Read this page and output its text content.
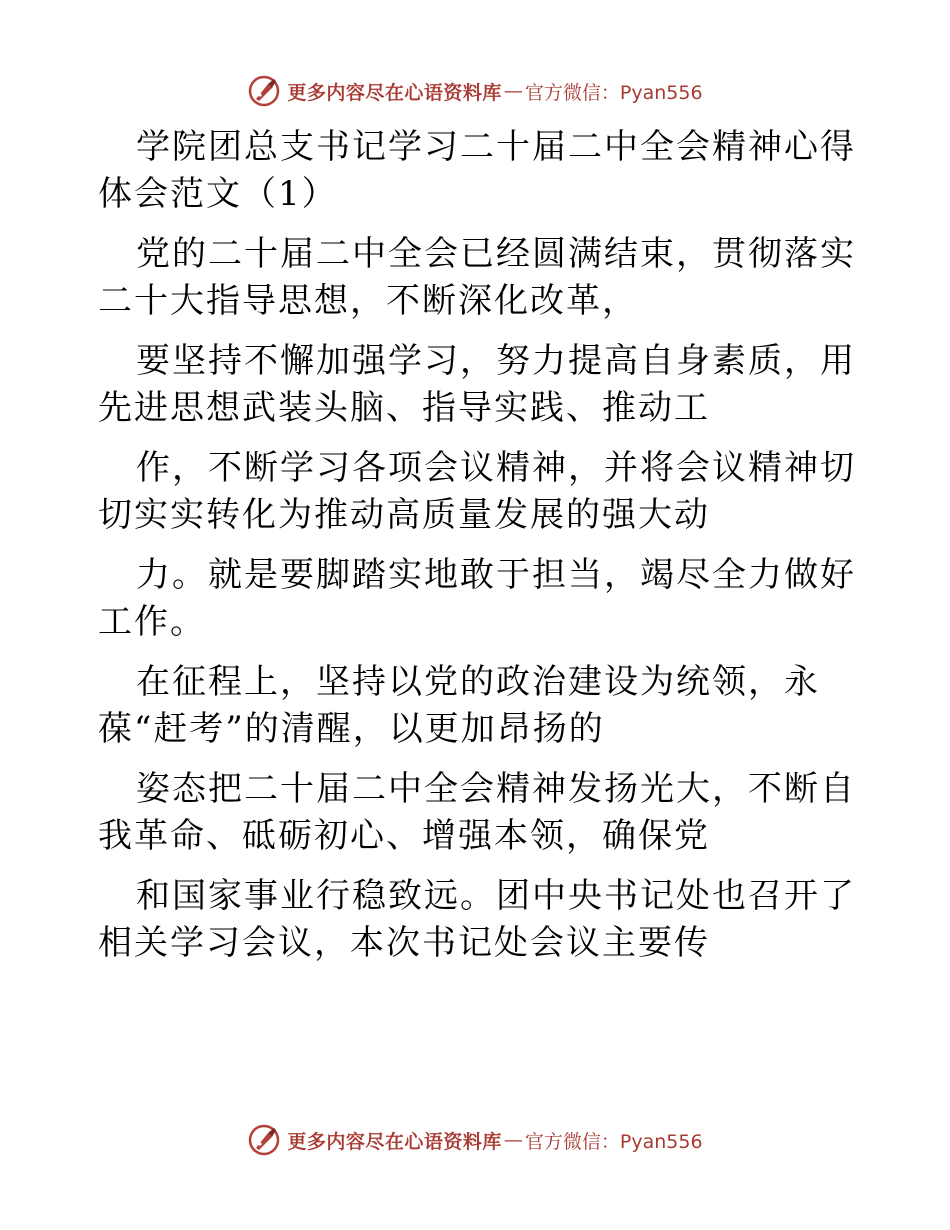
更多内容尽在心语资料库 — 官方微信：Pyan556

学院团总支书记学习二十届二中全会精神心得体会范文（1）

党的二十届二中全会已经圆满结束，贯彻落实二十大指导思想，不断深化改革，

要坚持不懈加强学习，努力提高自身素质，用先进思想武装头脑、指导实践、推动工

作，不断学习各项会议精神，并将会议精神切切实实转化为推动高质量发展的强大动

力。就是要脚踏实地敢于担当，竭尽全力做好工作。

在征程上，坚持以党的政治建设为统领，永葆“赶考”的清醒，以更加昂扬的

姿态把二十届二中全会精神发扬光大，不断自我革命、砥砺初心、增强本领，确保党

和国家事业行稳致远。团中央书记处也召开了相关学习会议，本次书记处会议主要传

更多内容尽在心语资料库 — 官方微信：Pyan556
